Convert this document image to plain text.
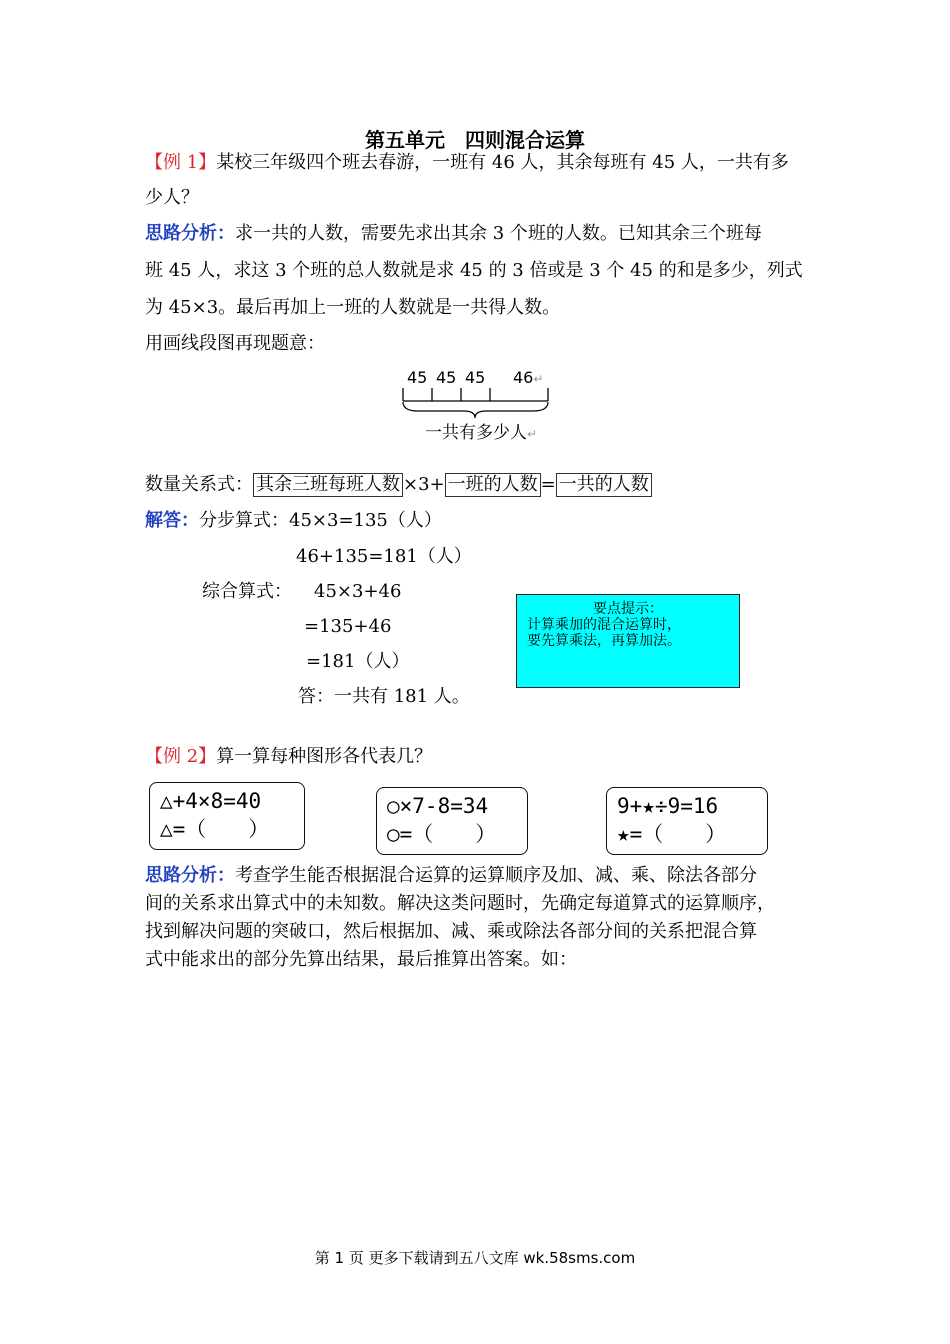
第五单元 四则混合运算
【例 1】某校三年级四个班去春游，一班有 46 人，其余每班有 45 人，一共有多
少人？
思路分析：求一共的人数，需要先求出其余 3 个班的人数。已知其余三个班每
班 45 人，求这 3 个班的总人数就是求 45 的 3 倍或是 3 个 45 的和是多少，列式
为 45×3。最后再加上一班的人数就是一共得人数。
用画线段图再现题意：
45 45 45 46↵
一共有多少人↵
数量关系式： 其余三班每班人数 ×3+ 一班的人数 = 一共的人数
解答：分步算式：45×3=135（人）
46+135=181（人）
综合算式： 45×3+46
=135+46
=181（人）
答：一共有 181 人。
要点提示：
计算乘加的混合运算时，
要先算乘法，再算加法。
【例 2】算一算每种图形各代表几？
△+4×8=40
△=（　　）
○×7-8=34
○=（　　）
9+★÷9=16
★=（　　）
思路分析：考查学生能否根据混合运算的运算顺序及加、减、乘、除法各部分
间的关系求出算式中的未知数。解决这类问题时，先确定每道算式的运算顺序，
找到解决问题的突破口，然后根据加、减、乘或除法各部分间的关系把混合算
式中能求出的部分先算出结果，最后推算出答案。如：
第 1 页 更多下载请到五八文库 wk.58sms.com
